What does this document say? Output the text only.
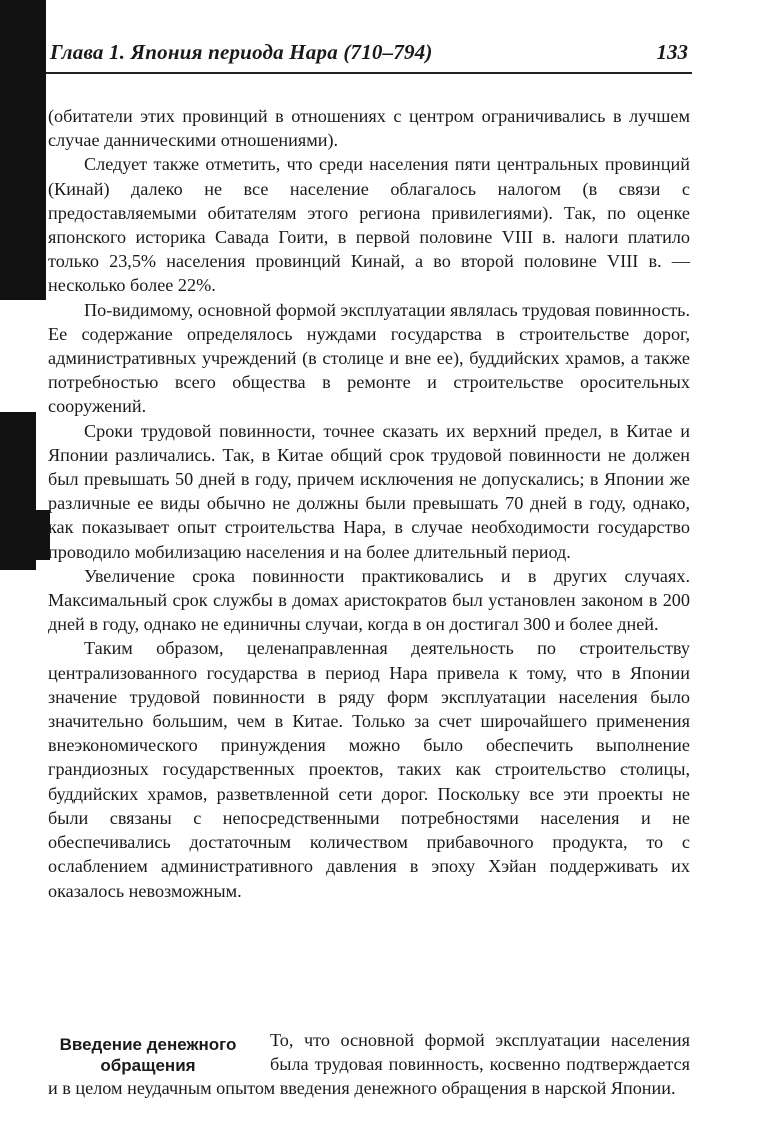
Глава 1. Япония периода Нара (710–794)	133

(обитатели этих провинций в отношениях с центром ограничивались в лучшем случае данническими отношениями).

Следует также отметить, что среди населения пяти центральных провинций (Кинай) далеко не все население облагалось налогом (в связи с предоставляемыми обитателям этого региона привилегиями). Так, по оценке японского историка Савада Гоити, в первой половине VIII в. налоги платило только 23,5% населения провинций Кинай, а во второй половине VIII в. — несколько более 22%.

По-видимому, основной формой эксплуатации являлась трудовая повинность. Ее содержание определялось нуждами государства в строительстве дорог, административных учреждений (в столице и вне ее), буддийских храмов, а также потребностью всего общества в ремонте и строительстве оросительных сооружений.

Сроки трудовой повинности, точнее сказать их верхний предел, в Китае и Японии различались. Так, в Китае общий срок трудовой повинности не должен был превышать 50 дней в году, причем исключения не допускались; в Японии же различные ее виды обычно не должны были превышать 70 дней в году, однако, как показывает опыт строительства Нара, в случае необходимости государство проводило мобилизацию населения и на более длительный период.

Увеличение срока повинности практиковались и в других случаях. Максимальный срок службы в домах аристократов был установлен законом в 200 дней в году, однако не единичны случаи, когда в он достигал 300 и более дней.

Таким образом, целенаправленная деятельность по строительству централизованного государства в период Нара привела к тому, что в Японии значение трудовой повинности в ряду форм эксплуатации населения было значительно большим, чем в Китае. Только за счет широчайшего применения внеэкономического принуждения можно было обеспечить выполнение грандиозных государственных проектов, таких как строительство столицы, буддийских храмов, разветвленной сети дорог. Поскольку все эти проекты не были связаны с непосредственными потребностями населения и не обеспечивались достаточным количеством прибавочного продукта, то с ослаблением административного давления в эпоху Хэйан поддерживать их оказалось невозможным.

Введение денежного обращения

То, что основной формой эксплуатации населения была трудовая повинность, косвенно подтверждается и в целом неудачным опытом введения денежного обращения в нарской Японии.
